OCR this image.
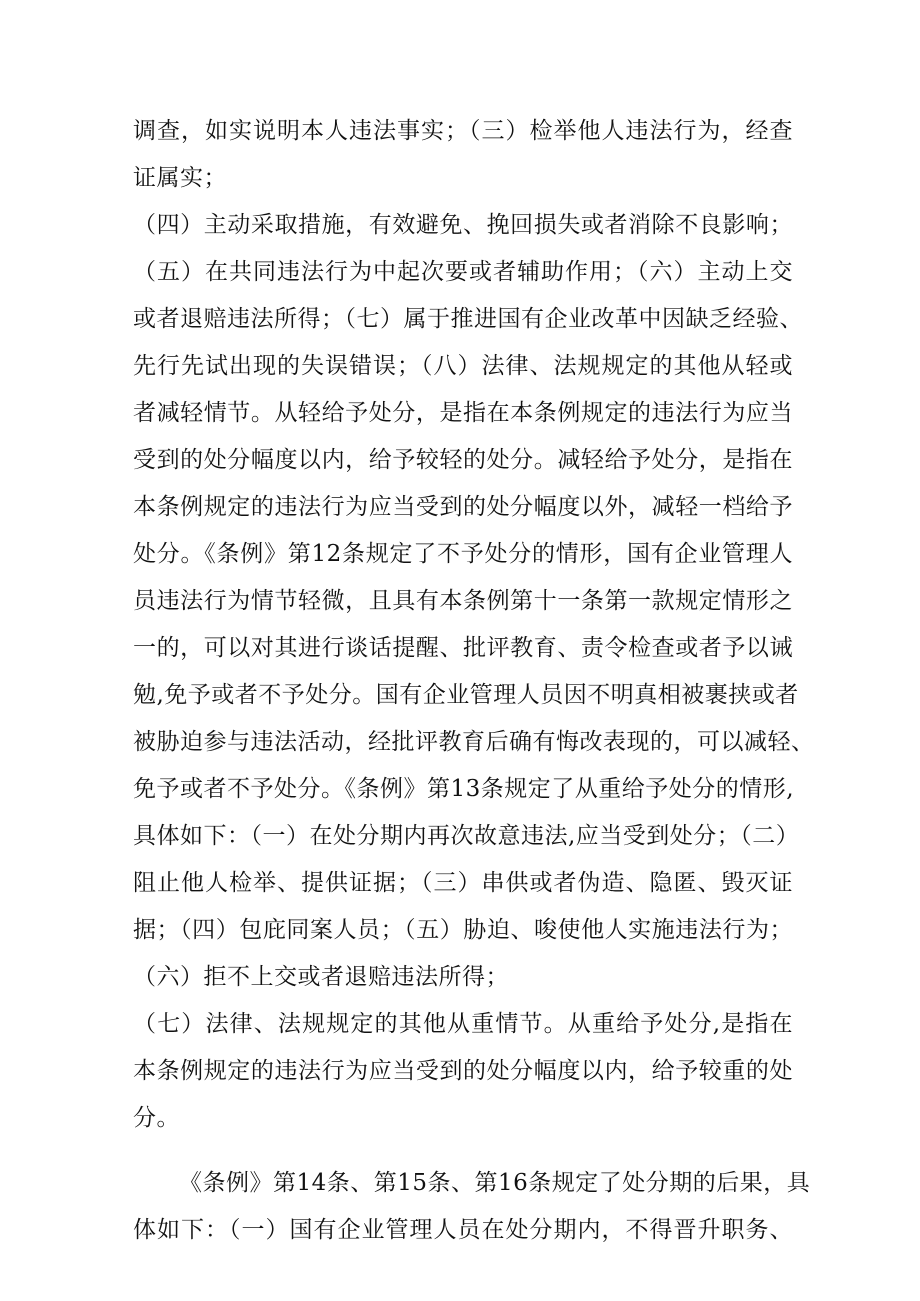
调查，如实说明本人违法事实；（三）检举他人违法行为，经查
证属实；
（四）主动采取措施，有效避免、挽回损失或者消除不良影响；
（五）在共同违法行为中起次要或者辅助作用；（六）主动上交
或者退赔违法所得；（七）属于推进国有企业改革中因缺乏经验、
先行先试出现的失误错误；（八）法律、法规规定的其他从轻或
者减轻情节。从轻给予处分，是指在本条例规定的违法行为应当
受到的处分幅度以内，给予较轻的处分。减轻给予处分，是指在
本条例规定的违法行为应当受到的处分幅度以外，减轻一档给予
处分。《条例》第12条规定了不予处分的情形，国有企业管理人
员违法行为情节轻微，且具有本条例第十一条第一款规定情形之
一的，可以对其进行谈话提醒、批评教育、责令检查或者予以诫
勉,免予或者不予处分。国有企业管理人员因不明真相被裹挟或者
被胁迫参与违法活动，经批评教育后确有悔改表现的，可以减轻、
免予或者不予处分。《条例》第13条规定了从重给予处分的情形,
具体如下：（一）在处分期内再次故意违法,应当受到处分；（二）
阻止他人检举、提供证据；（三）串供或者伪造、隐匿、毁灭证
据；（四）包庇同案人员；（五）胁迫、唆使他人实施违法行为；
（六）拒不上交或者退赔违法所得；
（七）法律、法规规定的其他从重情节。从重给予处分,是指在
本条例规定的违法行为应当受到的处分幅度以内，给予较重的处
分。
《条例》第14条、第15条、第16条规定了处分期的后果，具
体如下：（一）国有企业管理人员在处分期内，不得晋升职务、
